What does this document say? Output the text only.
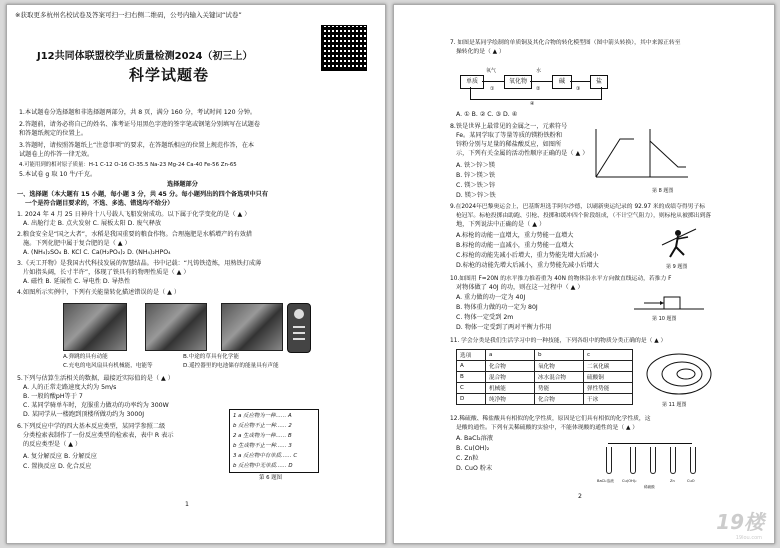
※获取更多杭州名校试卷及答案可扫一扫右侧二维码，公号内输入关键词“试卷”
J12共同体联盟校学业质量检测2024（初三上）
科学试题卷
1.本试题卷分选择题和非选择题两部分，共 8 页，满分 160 分，考试时间 120 分钟。
2.答题前，请务必将自己的姓名、准考证号用黑色字迹的签字笔或钢笔分别填写在试题卷
和答题纸规定的位置上。
3.答题时，请按照答题纸上“注意事项”的要求，在答题纸相应的位置上规范作答，在本
试题卷上的作答一律无效。
4.可能用到的相对原子质量：H-1 C-12 O-16 Cl-35.5 Na-23 Mg-24 Ca-40 Fe-56 Zn-65
5.本试卷 g 取 10 牛/千克。
选择题部分
一、选择题（本大题有 15 小题，每小题 3 分，共 45 分。每小题列出的四个备选项中只有
一个是符合题目要求的，不选、多选、错选均不给分）
1. 2024 年 4 月 25 日神舟十八号载人飞船发射成功。以下属于化学变化的是（ ▲ ）
A. 出舱行走 B. 点火发射 C. 展板太阳 D. 废气释放
2.粮食安全是“国之大者”，水稻是我国重要的粮食作物。合理施肥是水稻增产的有效措
施。下列化肥中属于复合肥的是（ ▲ ）
A. (NH₄)₂SO₄ B. KCl C. Ca(H₂PO₄)₂ D. (NH₄)₂HPO₄
3.《天工开物》是我国古代科技发展的智慧结晶。书中记载：“凡铸铁造炼，用熟铁打成薄
片如指头阔，长寸半许”，体现了铁具有的物理性质是（ ▲ ）
A. 磁性 B. 延展性 C. 导电性 D. 导热性
4.如图所示实例中，下列有关能量转化描述错误的是（ ▲ ）
A.弹跳的具有动能	B.中途的草具有化学能
C.充电的电风扇具有机械能，电能等	D.遥控器里的电池储存的能量具有声能
5.下列与估算生活相关的数据，最接近实际值的是（ ▲ ）
A. 人的正常走路速度大约为 5m/s
B. 一般的酸pH等于 7
C. 某同学骑单车时，克服重力做功的功率约为 300W
D. 某同学从一楼跑到顶楼所做功约为 3000J
6.下列反应中学的四大基本反应类型，某同学参照二级
分类检索表制作了一份反应类型的检索表，表中 R 表示
的反应类型是（ ▲ ）
A. 复分解反应 B. 分解反应
C. 置换反应 D. 化合反应
1 a 反应物为一种…… A
b 反应物不止一种…… 2
2 a 生成物为一种…… B
b 生成物不止一种…… 3
3 a 反应物中有单质…… C
b 反应物中无单质…… D
第 6 题图
1
7. 如图是某同学绘制的单质铜及其化合物的转化模型图（图中箭头转换），其中来源正转至
操转化的是（ ▲ ）
单质	氧化物	碱	盐
氧气	水
①	②	③
④
A. ① B. ② C. ③ D. ④
8.铁是世界上最常见的金属之一，元素符号
Fe。某同学取了等量等质的镁粉铁粉和
锌粉分别与足量的稀盐酸反应，如图所
示，下列有关金属的活动性顺序正确的是（ ▲ ）
A. 铁＞锌＞镁
B. 锌＞镁＞铁
C. 镁＞铁＞锌
D. 镁＞锌＞铁
第 8 题图
9.在2024年巴黎奥运会上，巴基斯坦选手阿尔沙德，以刷新奥运纪录的 92.97 米的成绩夺得男子标
枪冠军。标枪投掷由助跑、引枪、投掷和缓冲四个阶段组成，（不计空气阻力），则标枪从被掷出到落
地，下列说法中正确的是（ ▲ ）
A.标枪的动能一直增大，重力势能一直增大
B.标枪的动能一直减小，重力势能一直增大
C.标枪的动能先减小后增大，重力势能先增大后减小
D.标枪的动能先增大后减小，重力势能先减小后增大	第 9 题图
10.如图用 F=20N 的水平推力推着重为 40N 的物体沿水平方向做直线运动，若推力 F
对物体做了 40J 的功，则在这一过程中（ ▲ ）
A. 重力做的功一定为 40J
B. 物体重力做的功一定为 80J
C. 物体一定受到 2m
D. 物体一定受到了两对平衡力作用
第 10 题图
11. 学会分类是我们生活学习中的一种技能，下列各组中的物质分类正确的是（ ▲ ）
选项	a	b	c
A	化合物	氧化物	二氧化碳
B	混合物	冰水混合物	硫酸铜
C	机械能	势能	弹性势能
D	纯净物	化合物	干冰
第 11 题图
12.稀硫酸、稀盐酸具有相似的化学性质，原因是它们具有相似的化学性质，这
是酸的通性。下列有关稀硫酸的实验中，不能体现酸的通性的是（ ▲ ）
A. BaCl₂溶液
B. Cu(OH)₂
C. Zn粒
D. CuO 粉末
BaCl₂溶液 Cu(OH)₂
稀硫酸
Zn	CuO
2
19楼
19lou.com
